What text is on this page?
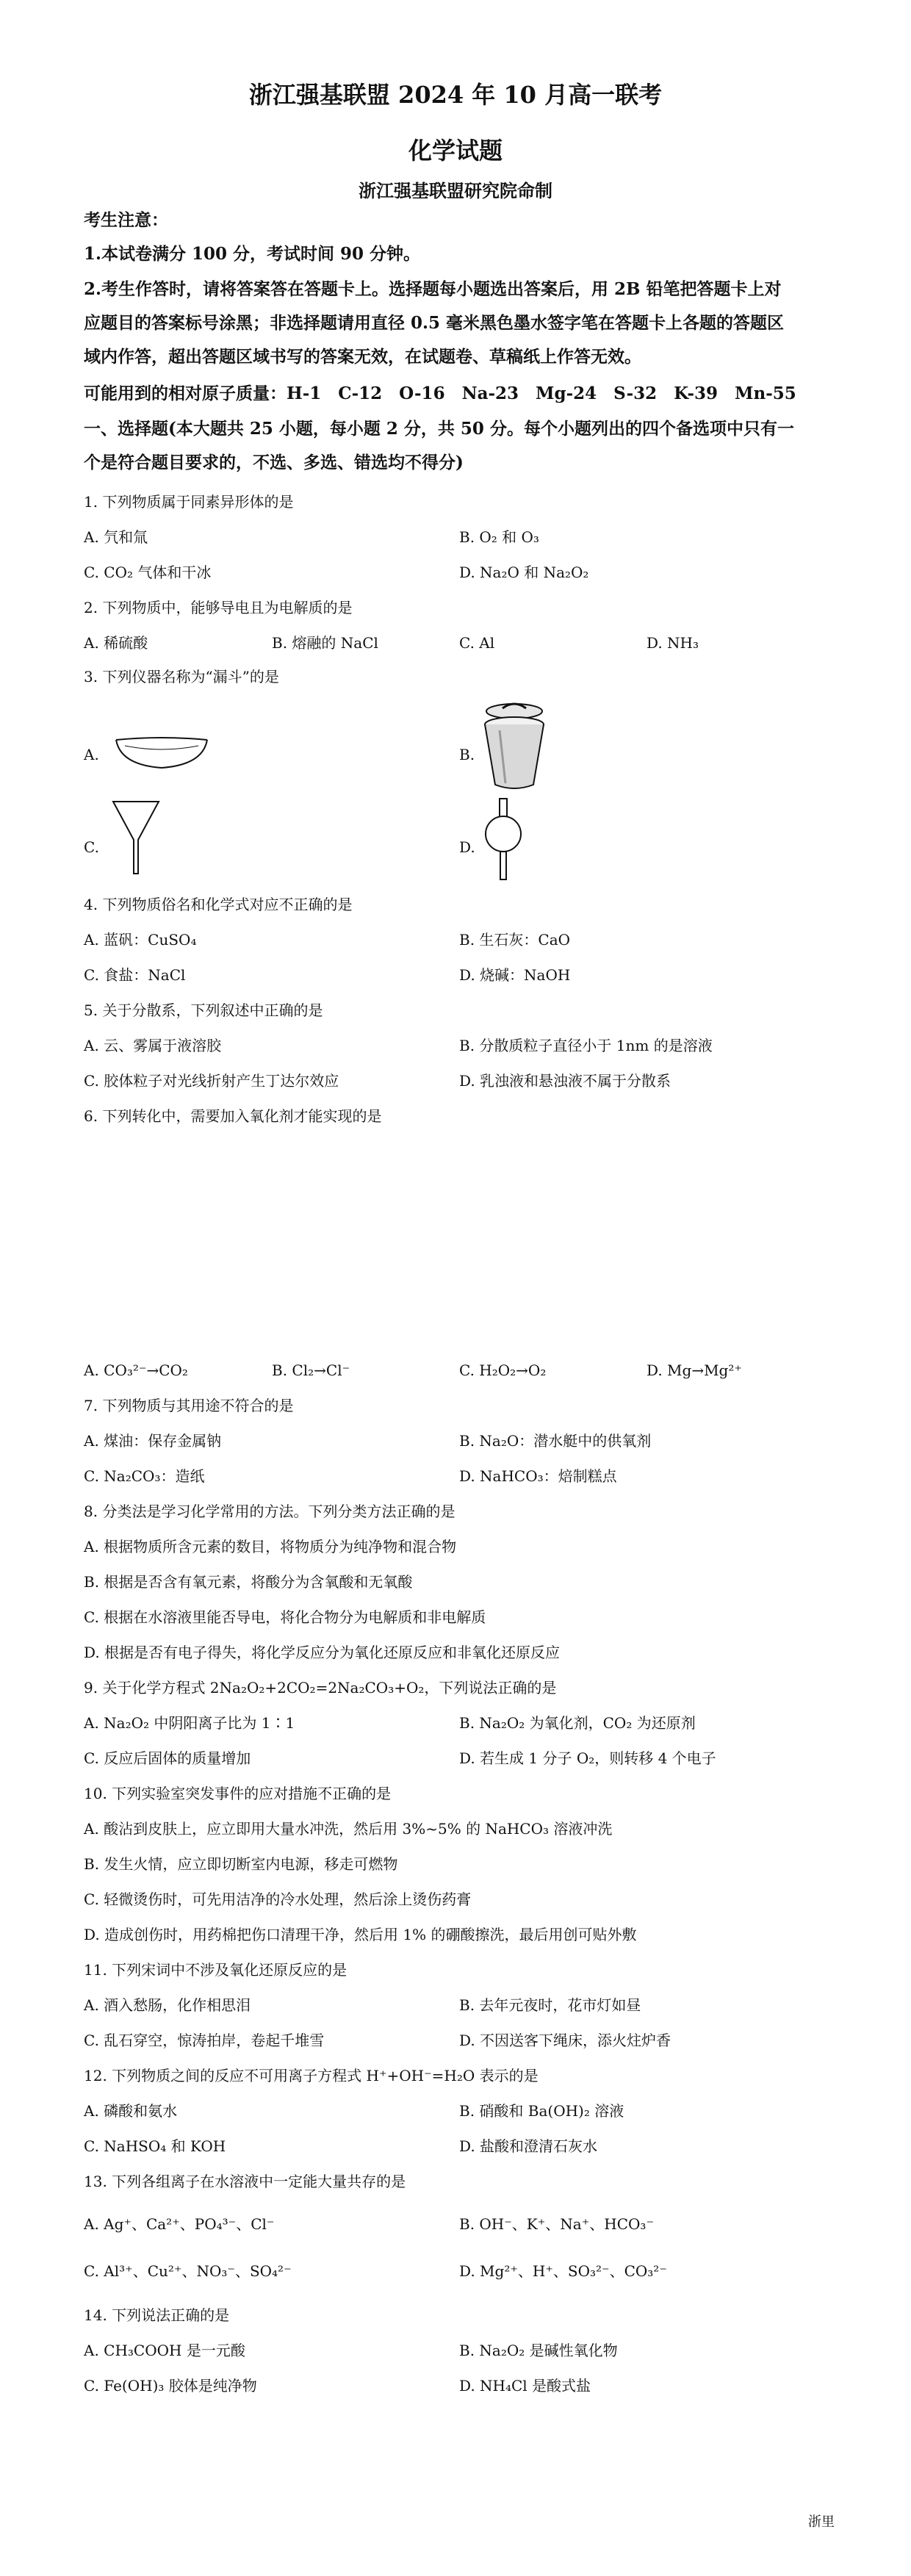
浙江强基联盟 2024 年 10 月高一联考
化学试题
浙江强基联盟研究院命制
考生注意：
1.本试卷满分 100 分，考试时间 90 分钟。
2.考生作答时，请将答案答在答题卡上。选择题每小题选出答案后，用 2B 铅笔把答题卡上对
应题目的答案标号涂黑；非选择题请用直径 0.5 毫米黑色墨水签字笔在答题卡上各题的答题区
域内作答，超出答题区域书写的答案无效，在试题卷、草稿纸上作答无效。
可能用到的相对原子质量：H-1　C-12　O-16　Na-23　Mg-24　S-32　K-39　Mn-55
一、选择题(本大题共 25 小题，每小题 2 分，共 50 分。每个小题列出的四个备选项中只有一
个是符合题目要求的，不选、多选、错选均不得分)
1. 下列物质属于同素异形体的是
A. 氕和氚	B. O₂ 和 O₃
C. CO₂ 气体和干冰	D. Na₂O 和 Na₂O₂
2. 下列物质中，能够导电且为电解质的是
A. 稀硫酸	B. 熔融的 NaCl	C. Al	D. NH₃
3. 下列仪器名称为“漏斗”的是
A.	B.
C.	D.
4. 下列物质俗名和化学式对应不正确的是
A. 蓝矾：CuSO₄	B. 生石灰：CaO
C. 食盐：NaCl	D. 烧碱：NaOH
5. 关于分散系，下列叙述中正确的是
A. 云、雾属于液溶胶	B. 分散质粒子直径小于 1nm 的是溶液
C. 胶体粒子对光线折射产生丁达尔效应	D. 乳浊液和悬浊液不属于分散系
6. 下列转化中，需要加入氧化剂才能实现的是
A. CO₃²⁻→CO₂	B. Cl₂→Cl⁻	C. H₂O₂→O₂	D. Mg→Mg²⁺
7. 下列物质与其用途不符合的是
A. 煤油：保存金属钠	B. Na₂O：潜水艇中的供氧剂
C. Na₂CO₃：造纸	D. NaHCO₃：焙制糕点
8. 分类法是学习化学常用的方法。下列分类方法正确的是
A. 根据物质所含元素的数目，将物质分为纯净物和混合物
B. 根据是否含有氧元素，将酸分为含氧酸和无氧酸
C. 根据在水溶液里能否导电，将化合物分为电解质和非电解质
D. 根据是否有电子得失，将化学反应分为氧化还原反应和非氧化还原反应
9. 关于化学方程式 2Na₂O₂+2CO₂=2Na₂CO₃+O₂，下列说法正确的是
A. Na₂O₂ 中阴阳离子比为 1∶1	B. Na₂O₂ 为氧化剂，CO₂ 为还原剂
C. 反应后固体的质量增加	D. 若生成 1 分子 O₂，则转移 4 个电子
10. 下列实验室突发事件的应对措施不正确的是
A. 酸沾到皮肤上，应立即用大量水冲洗，然后用 3%~5% 的 NaHCO₃ 溶液冲洗
B. 发生火情，应立即切断室内电源，移走可燃物
C. 轻微烫伤时，可先用洁净的冷水处理，然后涂上烫伤药膏
D. 造成创伤时，用药棉把伤口清理干净，然后用 1% 的硼酸擦洗，最后用创可贴外敷
11. 下列宋词中不涉及氧化还原反应的是
A. 酒入愁肠，化作相思泪	B. 去年元夜时，花市灯如昼
C. 乱石穿空，惊涛拍岸，卷起千堆雪	D. 不因送客下绳床，添火炷炉香
12. 下列物质之间的反应不可用离子方程式 H⁺+OH⁻=H₂O 表示的是
A. 磷酸和氨水	B. 硝酸和 Ba(OH)₂ 溶液
C. NaHSO₄ 和 KOH	D. 盐酸和澄清石灰水
13. 下列各组离子在水溶液中一定能大量共存的是
A. Ag⁺、Ca²⁺、PO₄³⁻、Cl⁻	B. OH⁻、K⁺、Na⁺、HCO₃⁻
C. Al³⁺、Cu²⁺、NO₃⁻、SO₄²⁻	D. Mg²⁺、H⁺、SO₃²⁻、CO₃²⁻
14. 下列说法正确的是
A. CH₃COOH 是一元酸	B. Na₂O₂ 是碱性氧化物
C. Fe(OH)₃ 胶体是纯净物	D. NH₄Cl 是酸式盐
浙里
